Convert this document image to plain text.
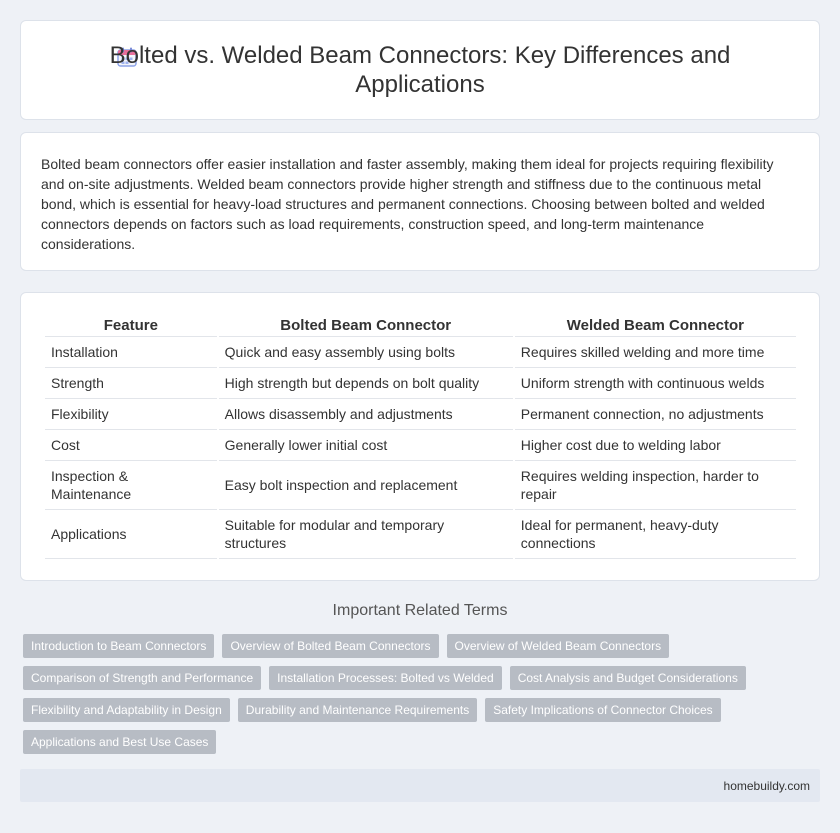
Bolted vs. Welded Beam Connectors: Key Differences and Applications

Bolted beam connectors offer easier installation and faster assembly, making them ideal for projects requiring flexibility and on-site adjustments. Welded beam connectors provide higher strength and stiffness due to the continuous metal bond, which is essential for heavy-load structures and permanent connections. Choosing between bolted and welded connectors depends on factors such as load requirements, construction speed, and long-term maintenance considerations.

Feature	Bolted Beam Connector	Welded Beam Connector
Installation	Quick and easy assembly using bolts	Requires skilled welding and more time
Strength	High strength but depends on bolt quality	Uniform strength with continuous welds
Flexibility	Allows disassembly and adjustments	Permanent connection, no adjustments
Cost	Generally lower initial cost	Higher cost due to welding labor
Inspection & Maintenance	Easy bolt inspection and replacement	Requires welding inspection, harder to repair
Applications	Suitable for modular and temporary structures	Ideal for permanent, heavy-duty connections
Important Related Terms
Introduction to Beam Connectors	Overview of Bolted Beam Connectors	Overview of Welded Beam Connectors
Comparison of Strength and Performance	Installation Processes: Bolted vs Welded	Cost Analysis and Budget Considerations
Flexibility and Adaptability in Design	Durability and Maintenance Requirements	Safety Implications of Connector Choices
Applications and Best Use Cases
homebuildy.com
